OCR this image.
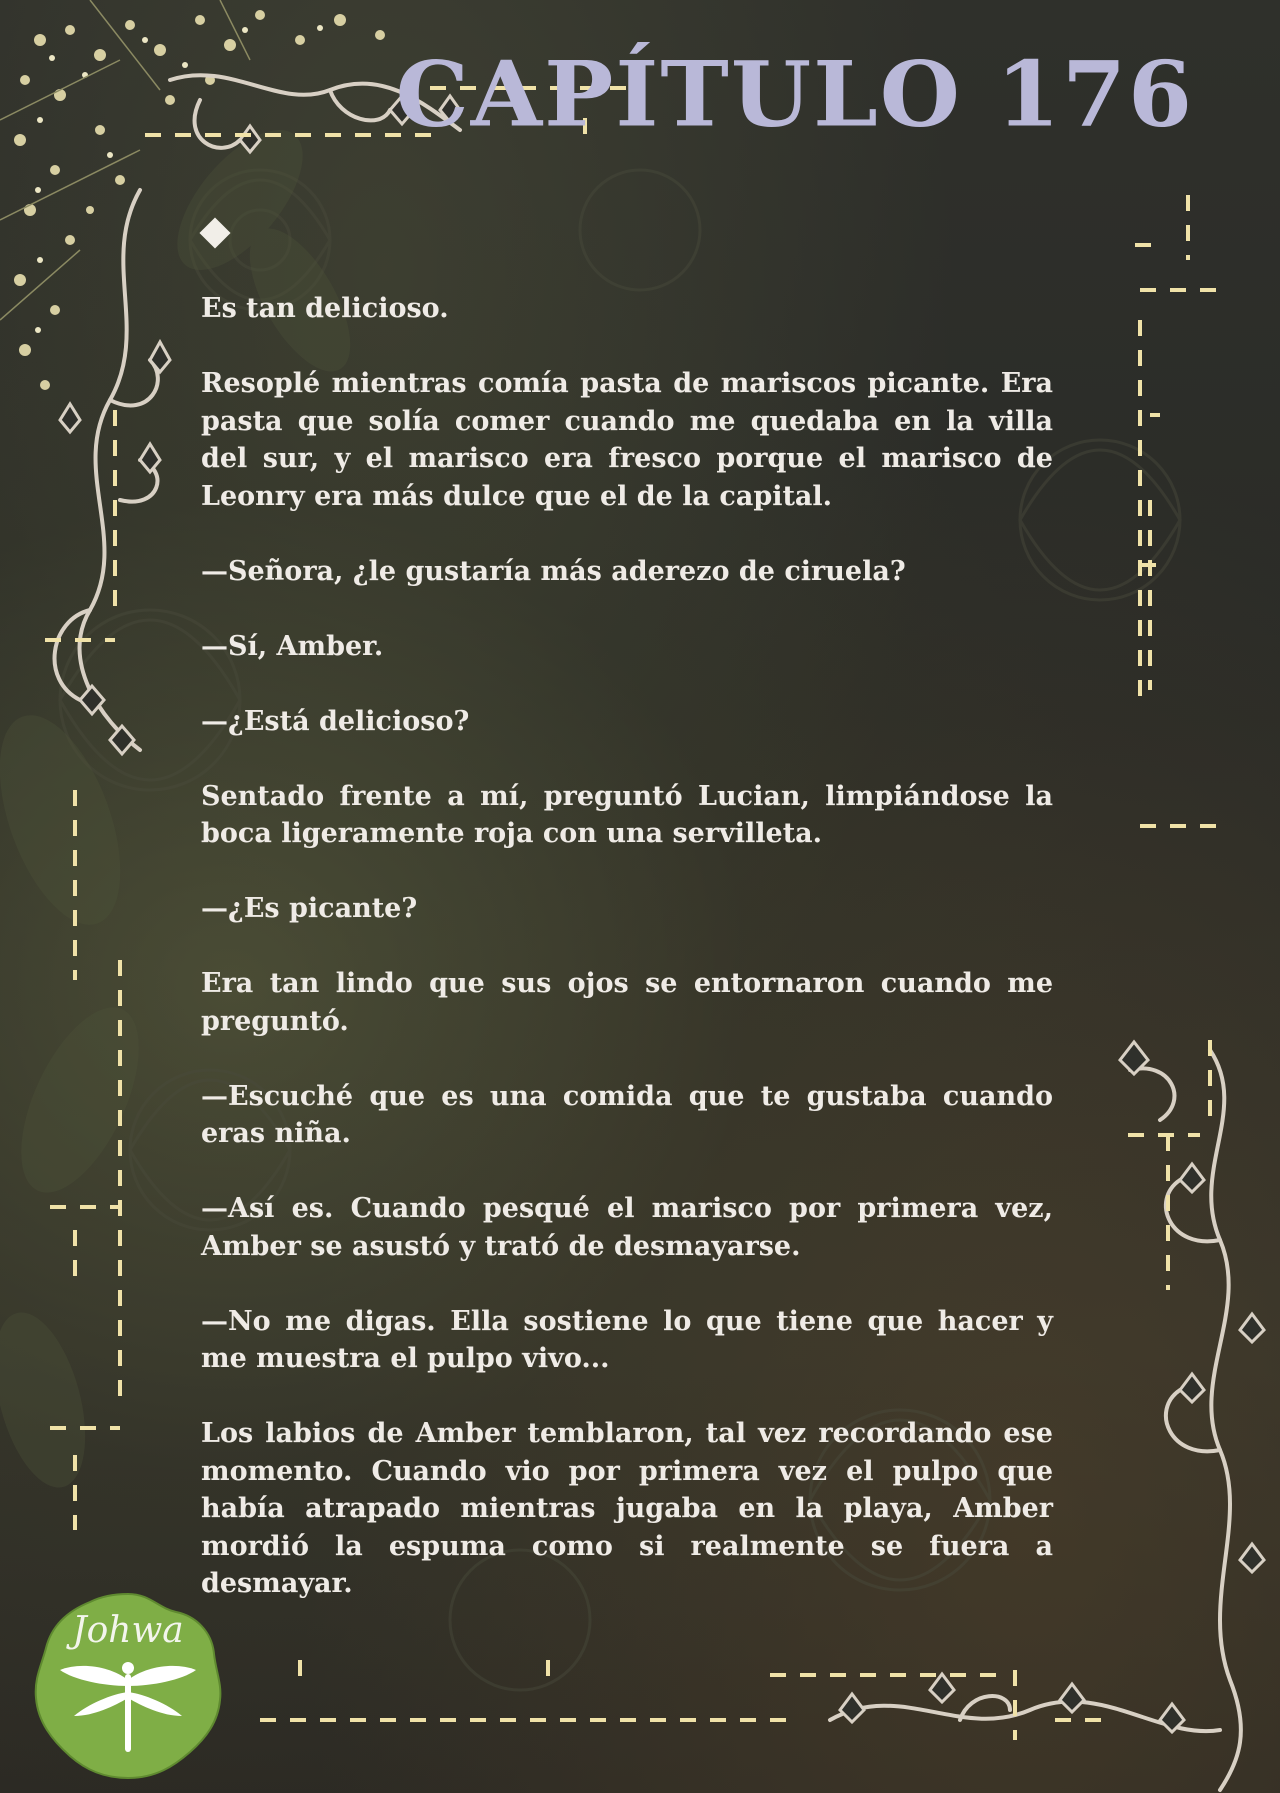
CAPÍTULO 176

Es tan delicioso.

Resoplé mientras comía pasta de mariscos picante. Era pasta que solía comer cuando me quedaba en la villa del sur, y el marisco era fresco porque el marisco de Leonry era más dulce que el de la capital.

—Señora, ¿le gustaría más aderezo de ciruela?

—Sí, Amber.

—¿Está delicioso?

Sentado frente a mí, preguntó Lucian, limpiándose la boca ligeramente roja con una servilleta.

—¿Es picante?

Era tan lindo que sus ojos se entornaron cuando me preguntó.

—Escuché que es una comida que te gustaba cuando eras niña.

—Así es. Cuando pesqué el marisco por primera vez, Amber se asustó y trató de desmayarse.

—No me digas. Ella sostiene lo que tiene que hacer y me muestra el pulpo vivo...

Los labios de Amber temblaron, tal vez recordando ese momento. Cuando vio por primera vez el pulpo que había atrapado mientras jugaba en la playa, Amber mordió la espuma como si realmente se fuera a desmayar.

Johwa
